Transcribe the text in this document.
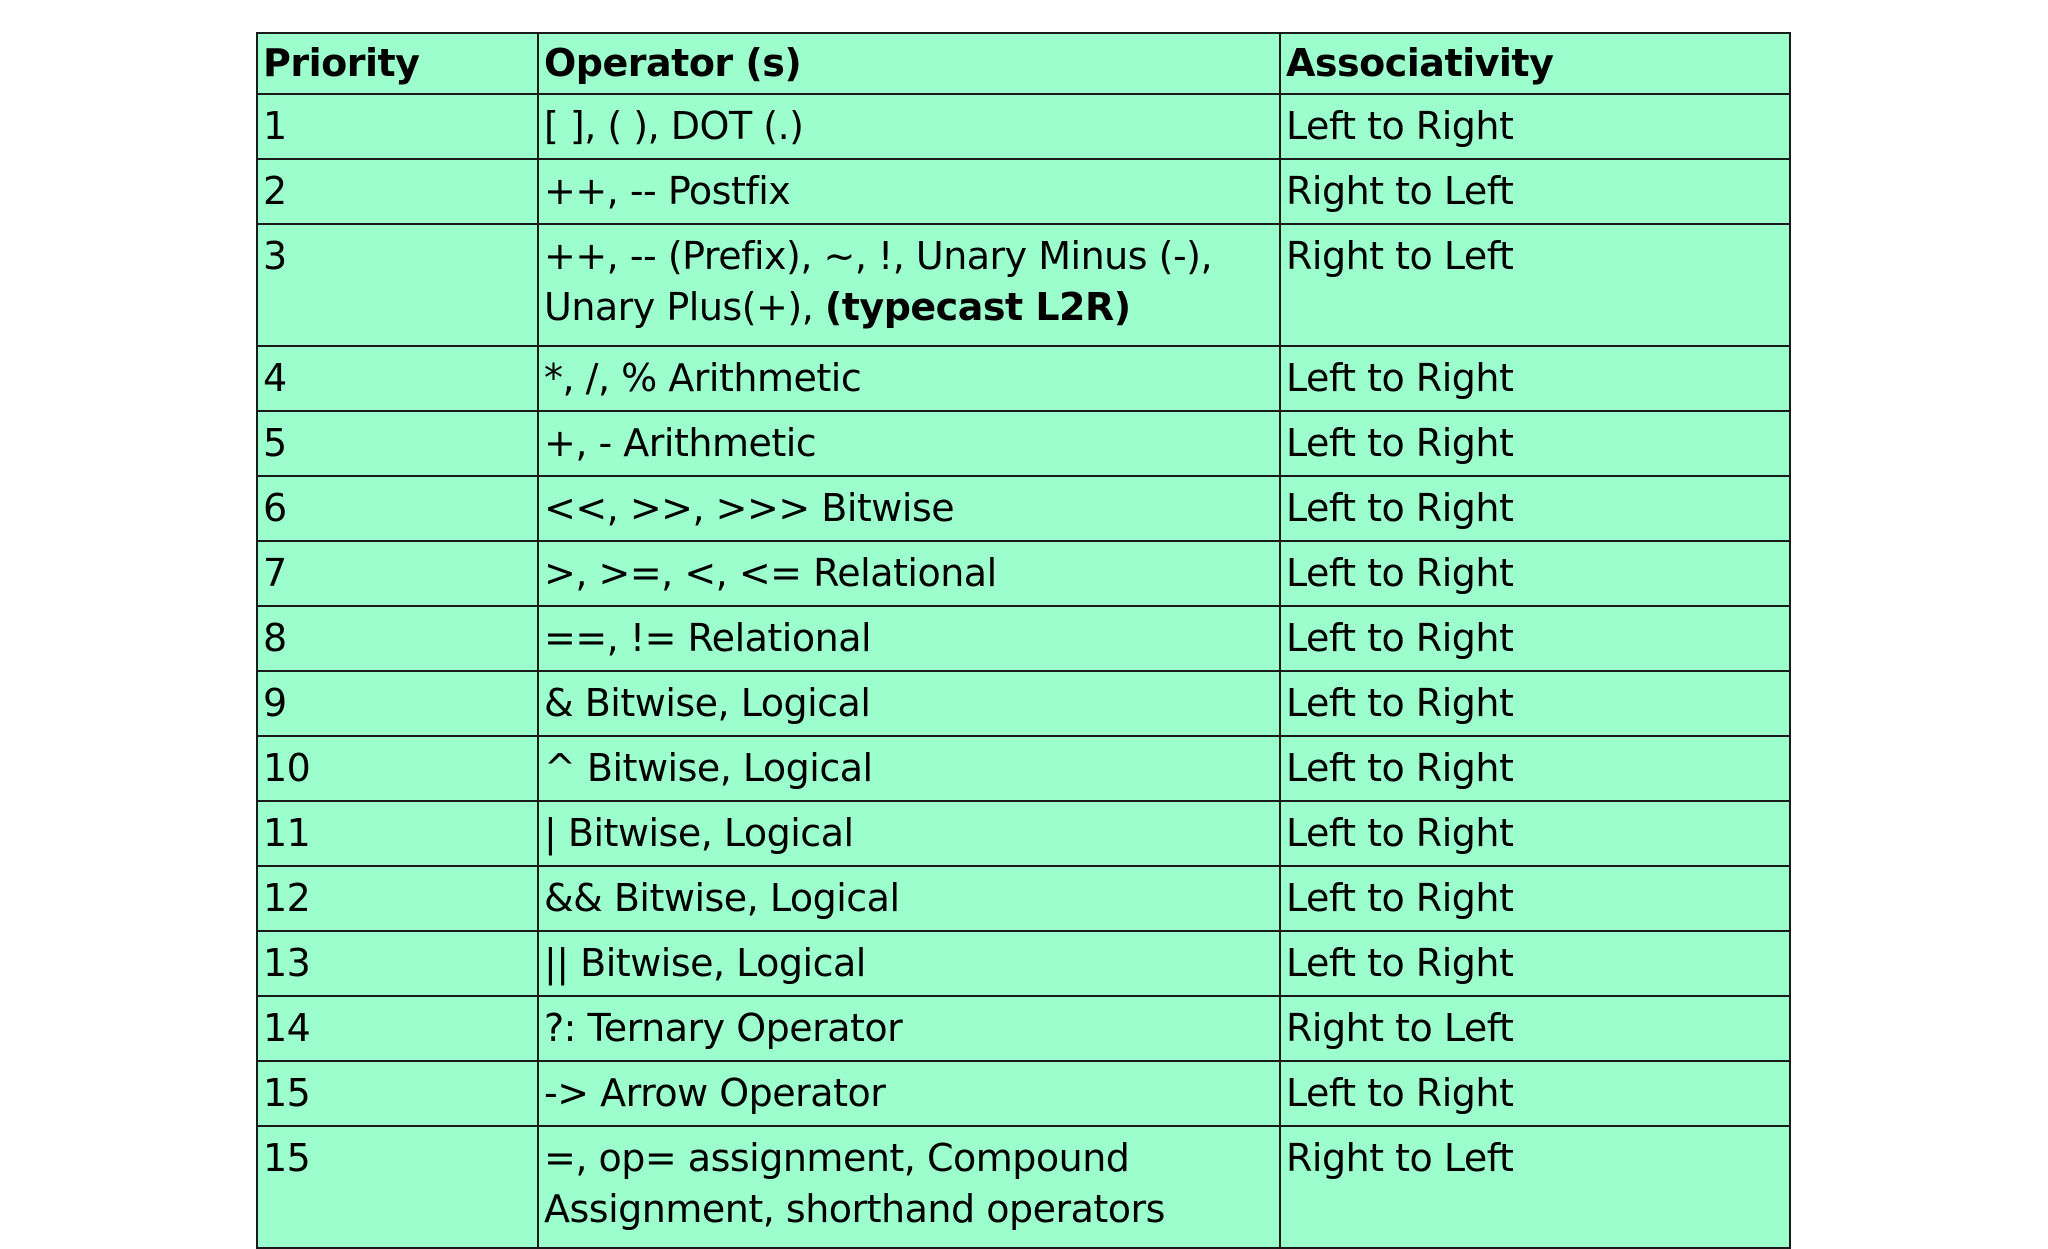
Priority	Operator (s)	Associativity
1	[ ], ( ), DOT (.)	Left to Right
2	++, -- Postfix	Right to Left
3	++, -- (Prefix), ~, !, Unary Minus (-), Unary Plus(+), (typecast L2R)	Right to Left
4	*, /, % Arithmetic	Left to Right
5	+, - Arithmetic	Left to Right
6	<<, >>, >>> Bitwise	Left to Right
7	>, >=, <, <= Relational	Left to Right
8	==, != Relational	Left to Right
9	& Bitwise, Logical	Left to Right
10	^ Bitwise, Logical	Left to Right
11	| Bitwise, Logical	Left to Right
12	&& Bitwise, Logical	Left to Right
13	|| Bitwise, Logical	Left to Right
14	?: Ternary Operator	Right to Left
15	-> Arrow Operator	Left to Right
15	=, op= assignment, Compound Assignment, shorthand operators	Right to Left
